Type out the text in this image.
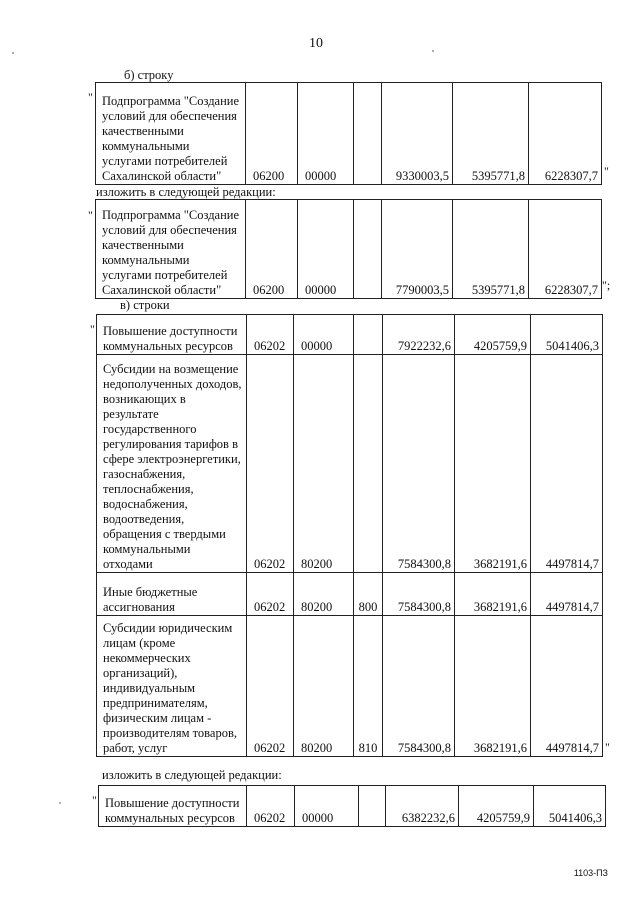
10
б) строку
" Подпрограмма "Создание условий для обеспечения качественными коммунальными услугами потребителей Сахалинской области"	06200	00000		9330003,5	5395771,8	6228307,7 "
изложить в следующей редакции:
" Подпрограмма "Создание условий для обеспечения качественными коммунальными услугами потребителей Сахалинской области"	06200	00000		7790003,5	5395771,8	6228307,7 ";
в) строки
" Повышение доступности коммунальных ресурсов	06202	00000		7922232,6	4205759,9	5041406,3
Субсидии на возмещение недополученных доходов, возникающих в результате государственного регулирования тарифов в сфере электроэнергетики, газоснабжения, теплоснабжения, водоснабжения, водоотведения, обращения с твердыми коммунальными отходами	06202	80200		7584300,8	3682191,6	4497814,7
Иные бюджетные ассигнования	06202	80200	800	7584300,8	3682191,6	4497814,7
Субсидии юридическим лицам (кроме некоммерческих организаций), индивидуальным предпринимателям, физическим лицам - производителям товаров, работ, услуг	06202	80200	810	7584300,8	3682191,6	4497814,7 "
изложить в следующей редакции:
" Повышение доступности коммунальных ресурсов	06202	00000		6382232,6	4205759,9	5041406,3
1103-ПЗ
